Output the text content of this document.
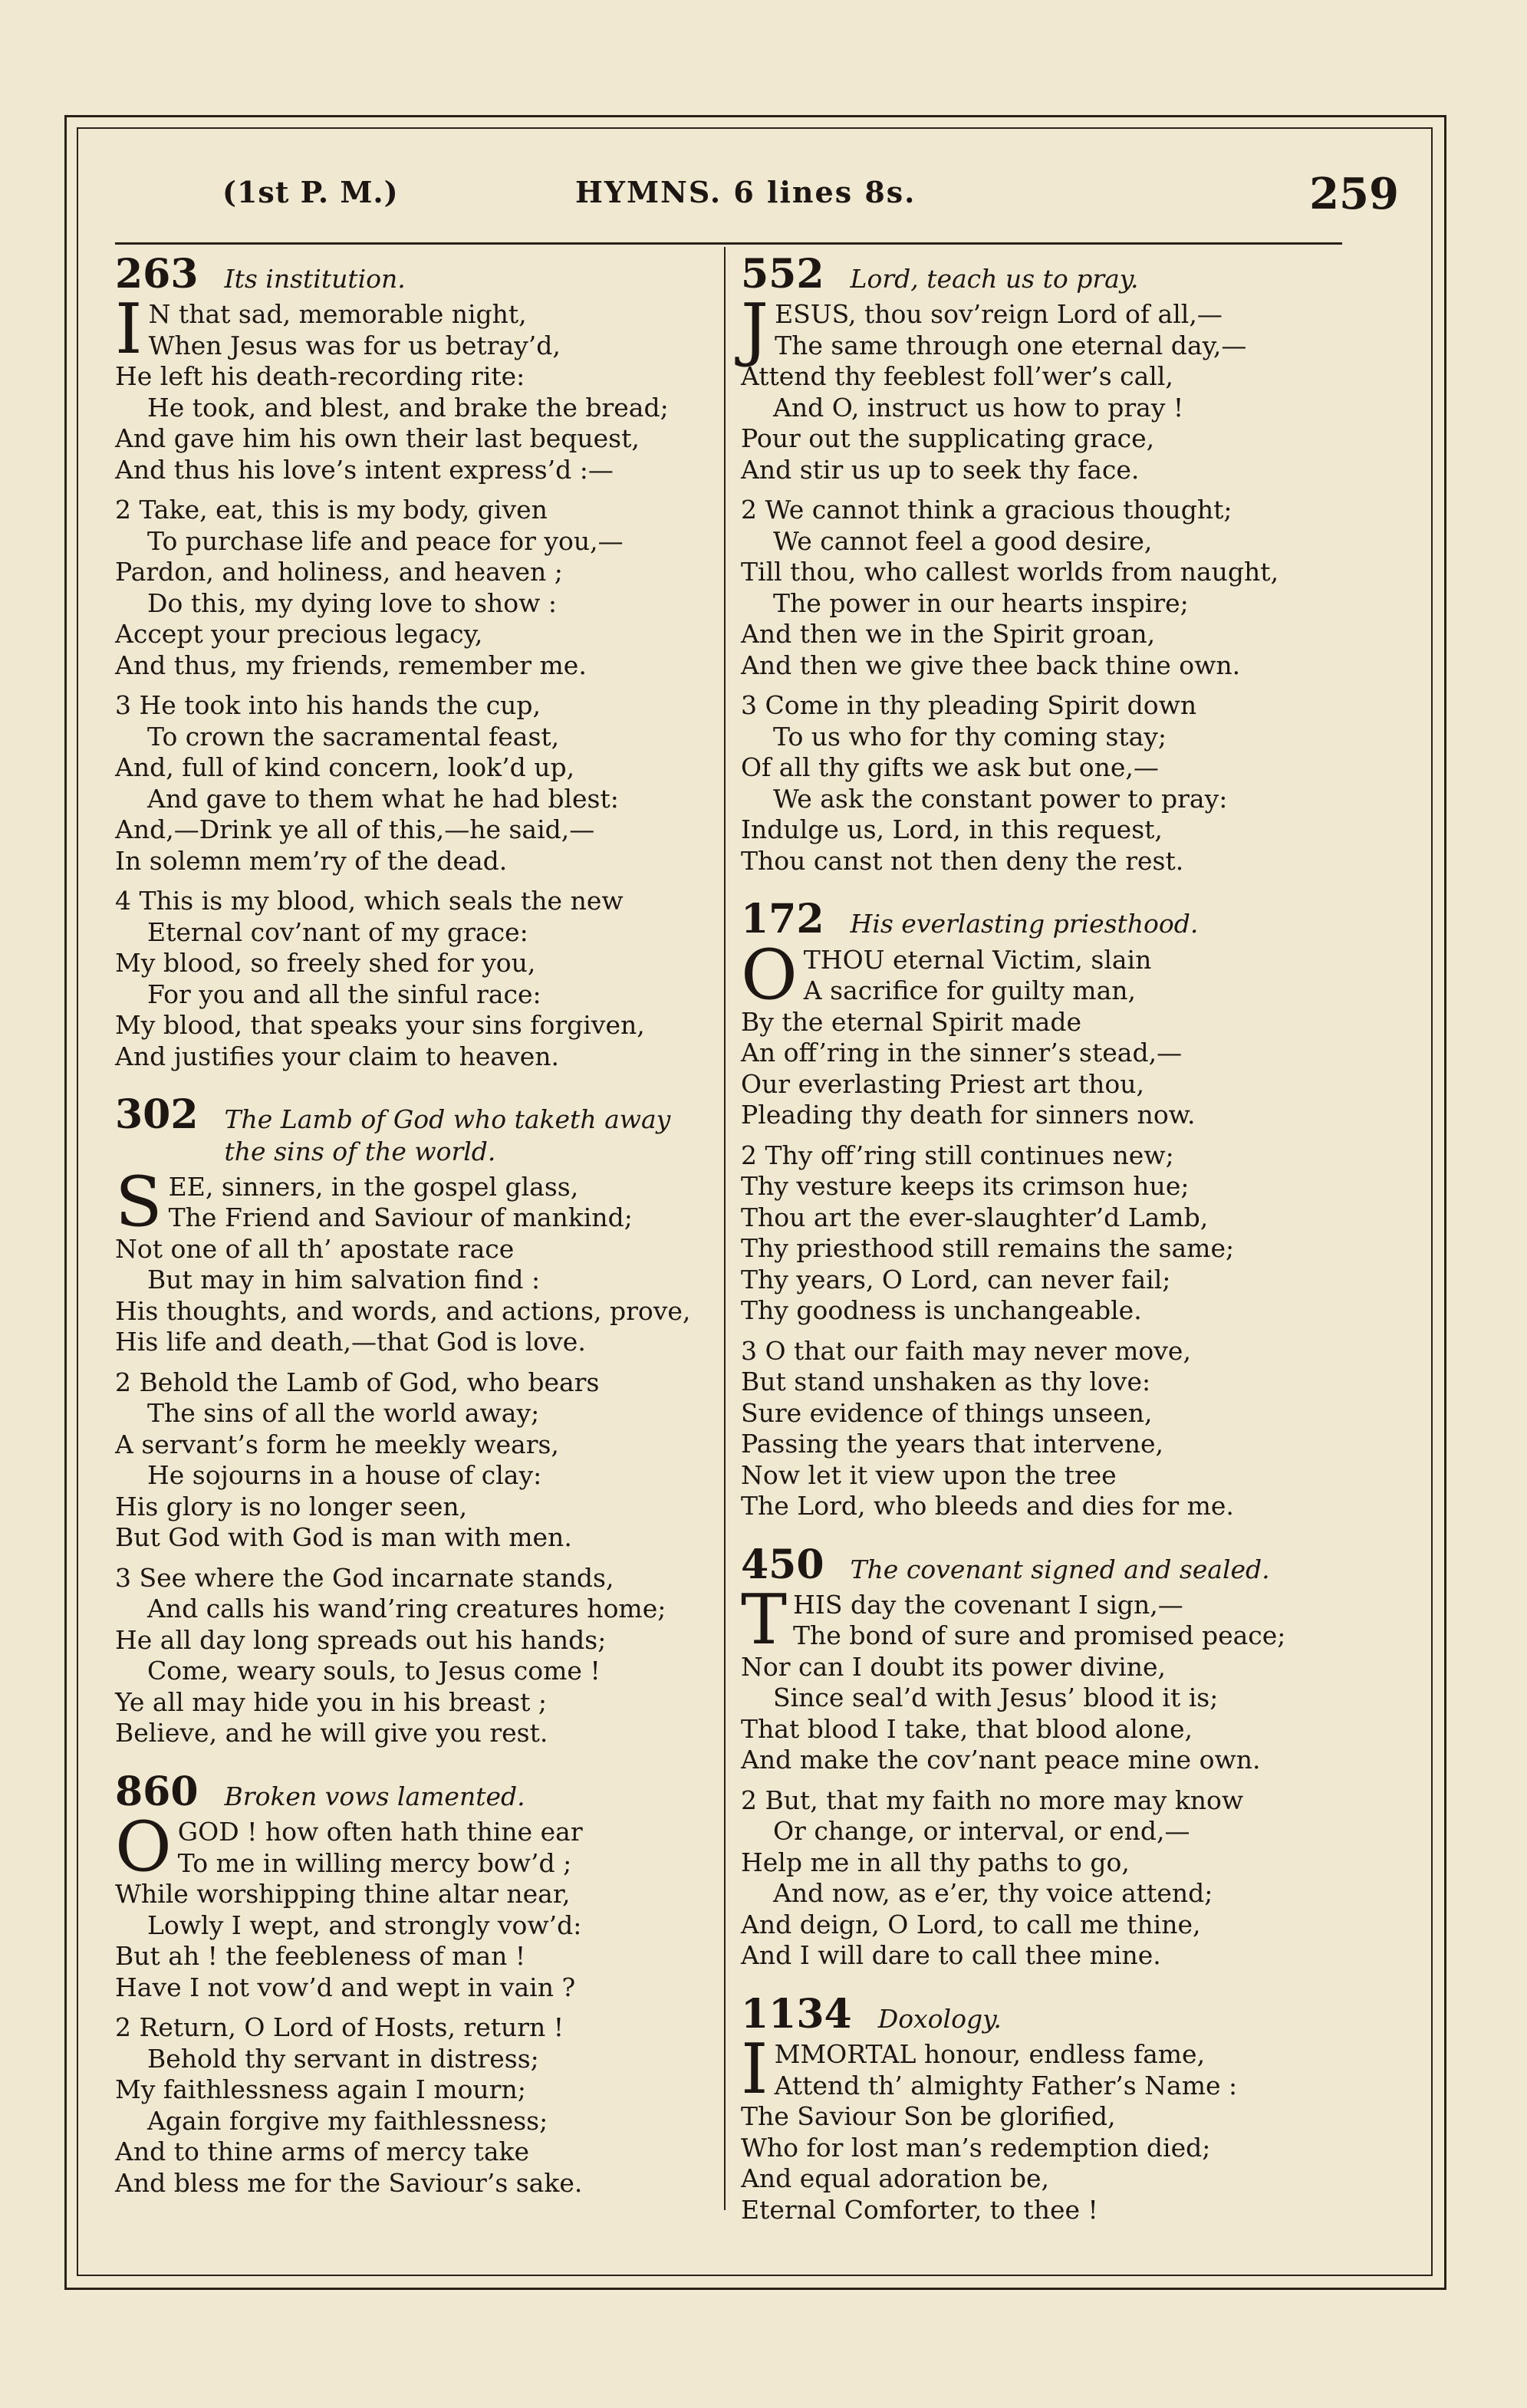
(1st P. M.)	HYMNS. 6 lines 8s.	259
263 Its institution.
I N that sad, memorable night,
When Jesus was for us betray’d,
He left his death-recording rite:
He took, and blest, and brake the bread;
And gave him his own their last bequest,
And thus his love’s intent express’d :—
2 Take, eat, this is my body, given
To purchase life and peace for you,—
Pardon, and holiness, and heaven ;
Do this, my dying love to show :
Accept your precious legacy,
And thus, my friends, remember me.
3 He took into his hands the cup,
To crown the sacramental feast,
And, full of kind concern, look’d up,
And gave to them what he had blest:
And,—Drink ye all of this,—he said,—
In solemn mem’ry of the dead.
4 This is my blood, which seals the new
Eternal cov’nant of my grace:
My blood, so freely shed for you,
For you and all the sinful race:
My blood, that speaks your sins forgiven,
And justifies your claim to heaven.
302 The Lamb of God who taketh away the sins of the world.
S EE, sinners, in the gospel glass,
The Friend and Saviour of mankind;
Not one of all th’ apostate race
But may in him salvation find :
His thoughts, and words, and actions, prove,
His life and death,—that God is love.
2 Behold the Lamb of God, who bears
The sins of all the world away;
A servant’s form he meekly wears,
He sojourns in a house of clay:
His glory is no longer seen,
But God with God is man with men.
3 See where the God incarnate stands,
And calls his wand’ring creatures home;
He all day long spreads out his hands;
Come, weary souls, to Jesus come !
Ye all may hide you in his breast ;
Believe, and he will give you rest.
860 Broken vows lamented.
O GOD ! how often hath thine ear
To me in willing mercy bow’d ;
While worshipping thine altar near,
Lowly I wept, and strongly vow’d:
But ah ! the feebleness of man !
Have I not vow’d and wept in vain ?
2 Return, O Lord of Hosts, return !
Behold thy servant in distress;
My faithlessness again I mourn;
Again forgive my faithlessness;
And to thine arms of mercy take
And bless me for the Saviour’s sake.
552 Lord, teach us to pray.
J ESUS, thou sov’reign Lord of all,—
The same through one eternal day,—
Attend thy feeblest foll’wer’s call,
And O, instruct us how to pray !
Pour out the supplicating grace,
And stir us up to seek thy face.
2 We cannot think a gracious thought;
We cannot feel a good desire,
Till thou, who callest worlds from naught,
The power in our hearts inspire;
And then we in the Spirit groan,
And then we give thee back thine own.
3 Come in thy pleading Spirit down
To us who for thy coming stay;
Of all thy gifts we ask but one,—
We ask the constant power to pray:
Indulge us, Lord, in this request,
Thou canst not then deny the rest.
172 His everlasting priesthood.
O THOU eternal Victim, slain
A sacrifice for guilty man,
By the eternal Spirit made
An off’ring in the sinner’s stead,—
Our everlasting Priest art thou,
Pleading thy death for sinners now.
2 Thy off’ring still continues new;
Thy vesture keeps its crimson hue;
Thou art the ever-slaughter’d Lamb,
Thy priesthood still remains the same;
Thy years, O Lord, can never fail;
Thy goodness is unchangeable.
3 O that our faith may never move,
But stand unshaken as thy love:
Sure evidence of things unseen,
Passing the years that intervene,
Now let it view upon the tree
The Lord, who bleeds and dies for me.
450 The covenant signed and sealed.
T HIS day the covenant I sign,—
The bond of sure and promised peace;
Nor can I doubt its power divine,
Since seal’d with Jesus’ blood it is;
That blood I take, that blood alone,
And make the cov’nant peace mine own.
2 But, that my faith no more may know
Or change, or interval, or end,—
Help me in all thy paths to go,
And now, as e’er, thy voice attend;
And deign, O Lord, to call me thine,
And I will dare to call thee mine.
1134 Doxology.
I MMORTAL honour, endless fame,
Attend th’ almighty Father’s Name :
The Saviour Son be glorified,
Who for lost man’s redemption died;
And equal adoration be,
Eternal Comforter, to thee !
